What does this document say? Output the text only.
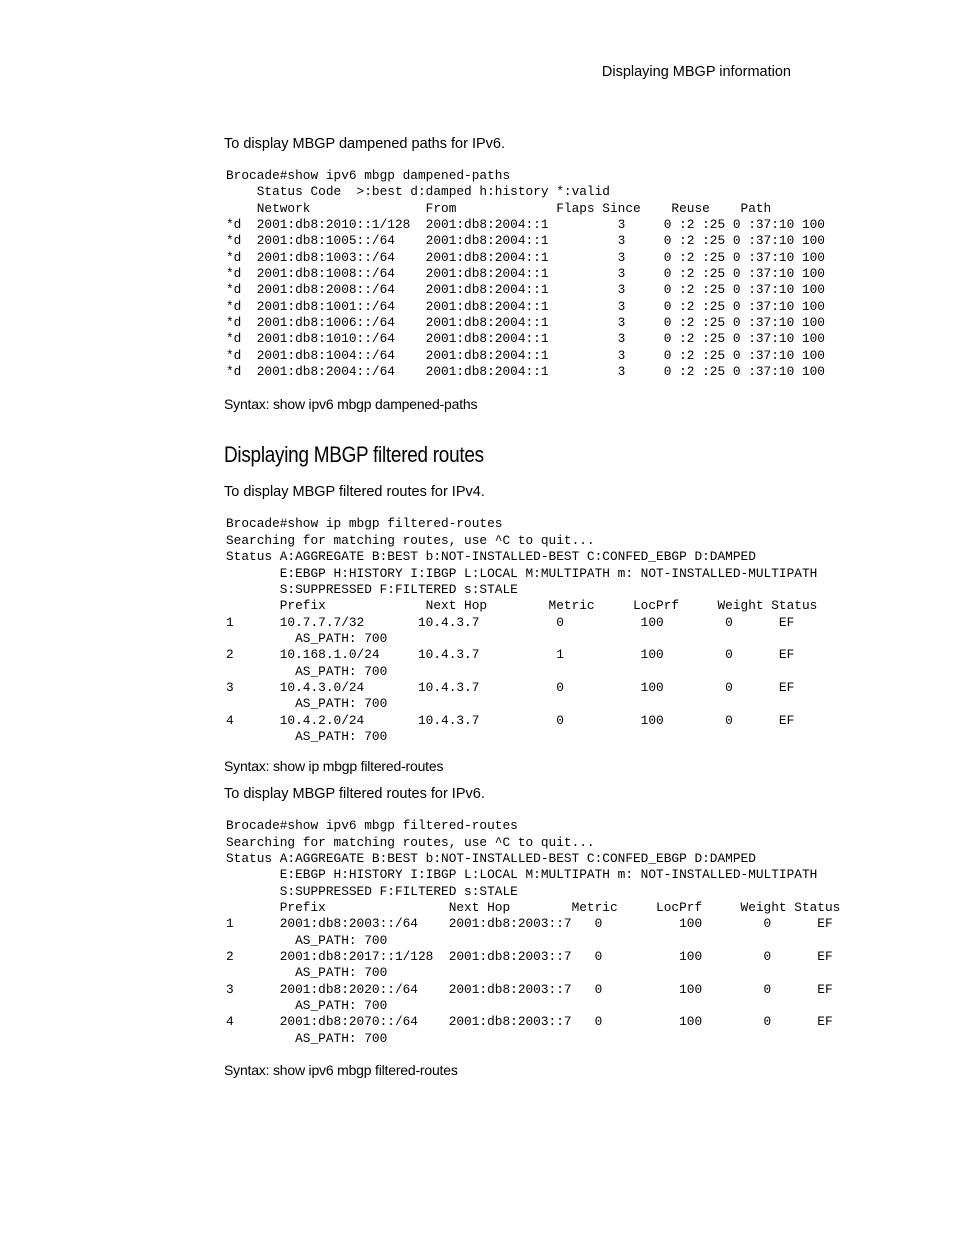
Displaying MBGP information

To display MBGP dampened paths for IPv6.

Brocade#show ipv6 mbgp dampened-paths
Status Code  >:best d:damped h:history *:valid
Network               From             Flaps Since    Reuse    Path
*d  2001:db8:2010::1/128  2001:db8:2004::1         3     0 :2 :25 0 :37:10 100
*d  2001:db8:1005::/64    2001:db8:2004::1         3     0 :2 :25 0 :37:10 100
*d  2001:db8:1003::/64    2001:db8:2004::1         3     0 :2 :25 0 :37:10 100
*d  2001:db8:1008::/64    2001:db8:2004::1         3     0 :2 :25 0 :37:10 100
*d  2001:db8:2008::/64    2001:db8:2004::1         3     0 :2 :25 0 :37:10 100
*d  2001:db8:1001::/64    2001:db8:2004::1         3     0 :2 :25 0 :37:10 100
*d  2001:db8:1006::/64    2001:db8:2004::1         3     0 :2 :25 0 :37:10 100
*d  2001:db8:1010::/64    2001:db8:2004::1         3     0 :2 :25 0 :37:10 100
*d  2001:db8:1004::/64    2001:db8:2004::1         3     0 :2 :25 0 :37:10 100
*d  2001:db8:2004::/64    2001:db8:2004::1         3     0 :2 :25 0 :37:10 100

Syntax: show ipv6 mbgp dampened-paths

Displaying MBGP filtered routes

To display MBGP filtered routes for IPv4.

Brocade#show ip mbgp filtered-routes
Searching for matching routes, use ^C to quit...
Status A:AGGREGATE B:BEST b:NOT-INSTALLED-BEST C:CONFED_EBGP D:DAMPED
E:EBGP H:HISTORY I:IBGP L:LOCAL M:MULTIPATH m: NOT-INSTALLED-MULTIPATH
S:SUPPRESSED F:FILTERED s:STALE
Prefix             Next Hop        Metric     LocPrf     Weight Status
1      10.7.7.7/32       10.4.3.7          0          100        0      EF
AS_PATH: 700
2      10.168.1.0/24     10.4.3.7          1          100        0      EF
AS_PATH: 700
3      10.4.3.0/24       10.4.3.7          0          100        0      EF
AS_PATH: 700
4      10.4.2.0/24       10.4.3.7          0          100        0      EF
AS_PATH: 700

Syntax: show ip mbgp filtered-routes

To display MBGP filtered routes for IPv6.

Brocade#show ipv6 mbgp filtered-routes
Searching for matching routes, use ^C to quit...
Status A:AGGREGATE B:BEST b:NOT-INSTALLED-BEST C:CONFED_EBGP D:DAMPED
E:EBGP H:HISTORY I:IBGP L:LOCAL M:MULTIPATH m: NOT-INSTALLED-MULTIPATH
S:SUPPRESSED F:FILTERED s:STALE
Prefix                Next Hop        Metric     LocPrf     Weight Status
1      2001:db8:2003::/64    2001:db8:2003::7   0          100        0      EF
AS_PATH: 700
2      2001:db8:2017::1/128  2001:db8:2003::7   0          100        0      EF
AS_PATH: 700
3      2001:db8:2020::/64    2001:db8:2003::7   0          100        0      EF
AS_PATH: 700
4      2001:db8:2070::/64    2001:db8:2003::7   0          100        0      EF
AS_PATH: 700

Syntax: show ipv6 mbgp filtered-routes
